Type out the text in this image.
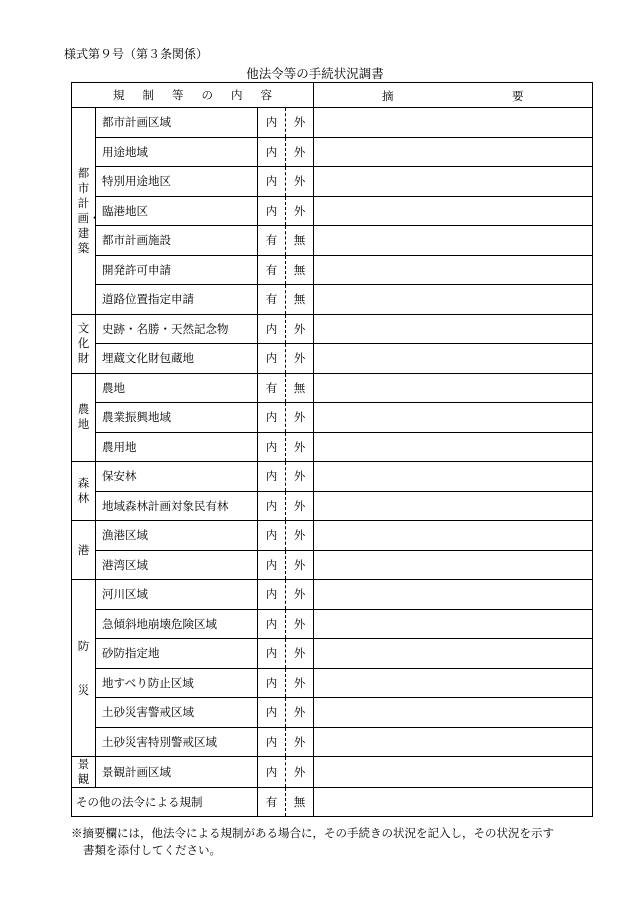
様式第９号（第３条関係）
他法令等の手続状況調書
規 制 等 の 内 容				摘 要

都市計画・建築	都市計画区域	内	外	
	用途地域	内	外	
	特別用途地区	内	外	
	臨港地区	内	外	
	都市計画施設	有	無	
	開発許可申請	有	無	
	道路位置指定申請	有	無	
文化財	史跡・名勝・天然記念物	内	外	
	埋蔵文化財包蔵地	内	外	
農地	農地	有	無	
	農業振興地域	内	外	
	農用地	内	外	
森林	保安林	内	外	
	地域森林計画対象民有林	内	外	
港	漁港区域	内	外	
	港湾区域	内	外	
防災	河川区域	内	外	
	急傾斜地崩壊危険区域	内	外	
	砂防指定地	内	外	
	地すべり防止区域	内	外	
	土砂災害警戒区域	内	外	
	土砂災害特別警戒区域	内	外	
景観	景観計画区域	内	外	
その他の法令による規制		有	無	
※摘要欄には，他法令による規制がある場合に，その手続きの状況を記入し，その状況を示す
書類を添付してください。
